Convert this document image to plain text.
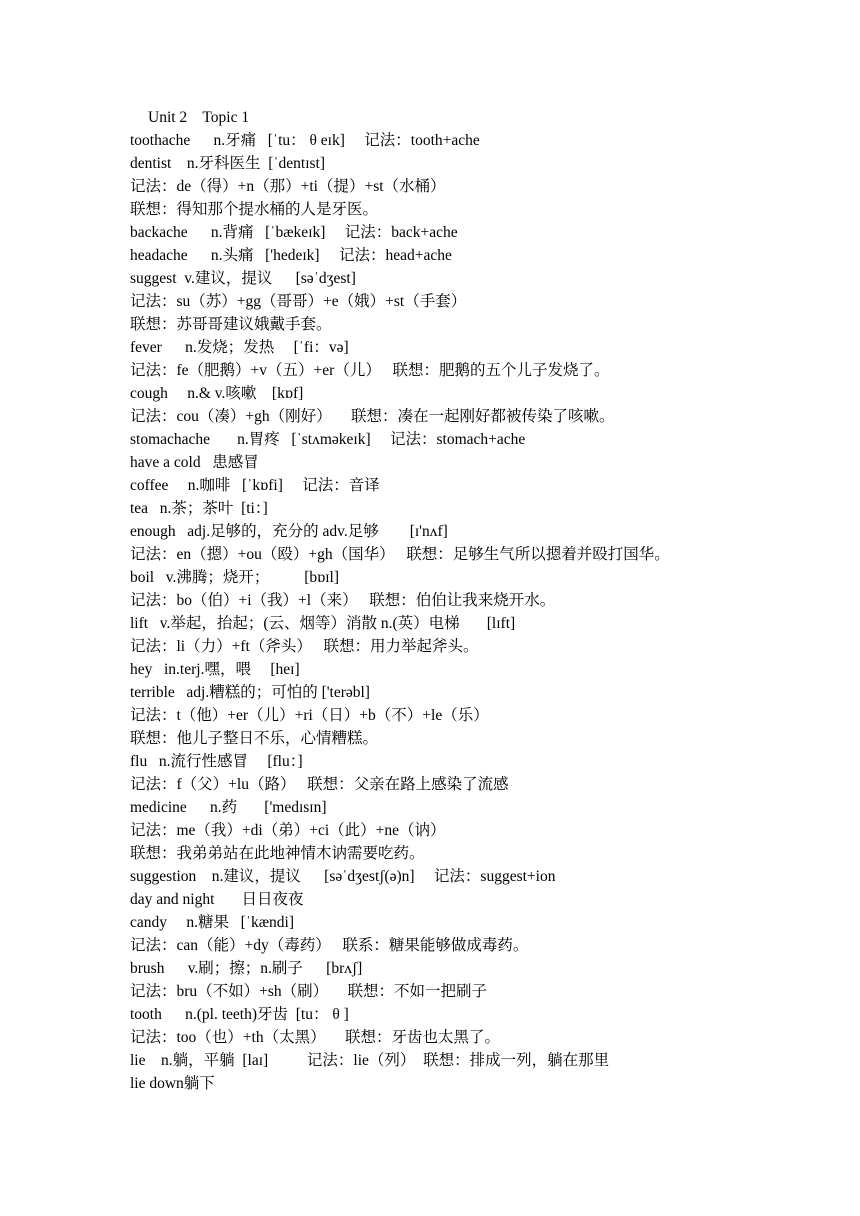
Unit 2    Topic 1
toothache      n.牙痛   [ˈtu： θ eɪk]     记法：tooth+ache
dentist    n.牙科医生  [ˈdentɪst]
记法：de（得）+n（那）+ti（提）+st（水桶）
联想：得知那个提水桶的人是牙医。
backache      n.背痛   [ˈbækeɪk]     记法：back+ache
headache      n.头痛   ['hedeɪk]     记法：head+ache
suggest  v.建议，提议      [səˈdʒest]
记法：su（苏）+gg（哥哥）+e（娥）+st（手套）
联想：苏哥哥建议娥戴手套。
fever      n.发烧；发热     [ˈfi：və]
记法：fe（肥鹅）+v（五）+er（儿）   联想：肥鹅的五个儿子发烧了。
cough     n.& v.咳嗽    [kɒf]
记法：cou（凑）+gh（刚好）     联想：凑在一起刚好都被传染了咳嗽。
stomachache       n.胃疼   [ˈstʌməkeɪk]     记法：stomach+ache
have a cold   患感冒
coffee     n.咖啡   [ˈkɒfi]     记法：音译
tea   n.茶；茶叶  [ti：]
enough   adj.足够的，充分的 adv.足够        [ɪ'nʌf]
记法：en（摁）+ou（殴）+gh（国华）   联想：足够生气所以摁着并殴打国华。
boil   v.沸腾；烧开；         [bɒɪl]
记法：bo（伯）+i（我）+l（来）   联想：伯伯让我来烧开水。
lift   v.举起，抬起；(云、烟等）消散 n.(英）电梯       [lɪft]
记法：li（力）+ft（斧头）   联想：用力举起斧头。
hey   in.terj.嘿，喂     [heɪ]
terrible   adj.糟糕的；可怕的 ['terəbl]
记法：t（他）+er（儿）+ri（日）+b（不）+le（乐）
联想：他儿子整日不乐，心情糟糕。
flu   n.流行性感冒     [flu：]
记法：f（父）+lu（路）   联想：父亲在路上感染了流感
medicine      n.药       ['medɪsɪn]
记法：me（我）+di（弟）+ci（此）+ne（讷）
联想：我弟弟站在此地神情木讷需要吃药。
suggestion    n.建议，提议      [səˈdʒestʃ(ə)n]     记法：suggest+ion
day and night       日日夜夜
candy     n.糖果   [ˈkændi]
记法：can（能）+dy（毒药）   联系：糖果能够做成毒药。
brush      v.刷；擦；n.刷子      [brʌʃ]
记法：bru（不如）+sh（刷）     联想：不如一把刷子
tooth      n.(pl. teeth)牙齿  [tu： θ ]
记法：too（也）+th（太黑）     联想：牙齿也太黑了。
lie    n.躺，平躺  [laɪ]          记法：lie（列）  联想：排成一列，躺在那里
lie down躺下
